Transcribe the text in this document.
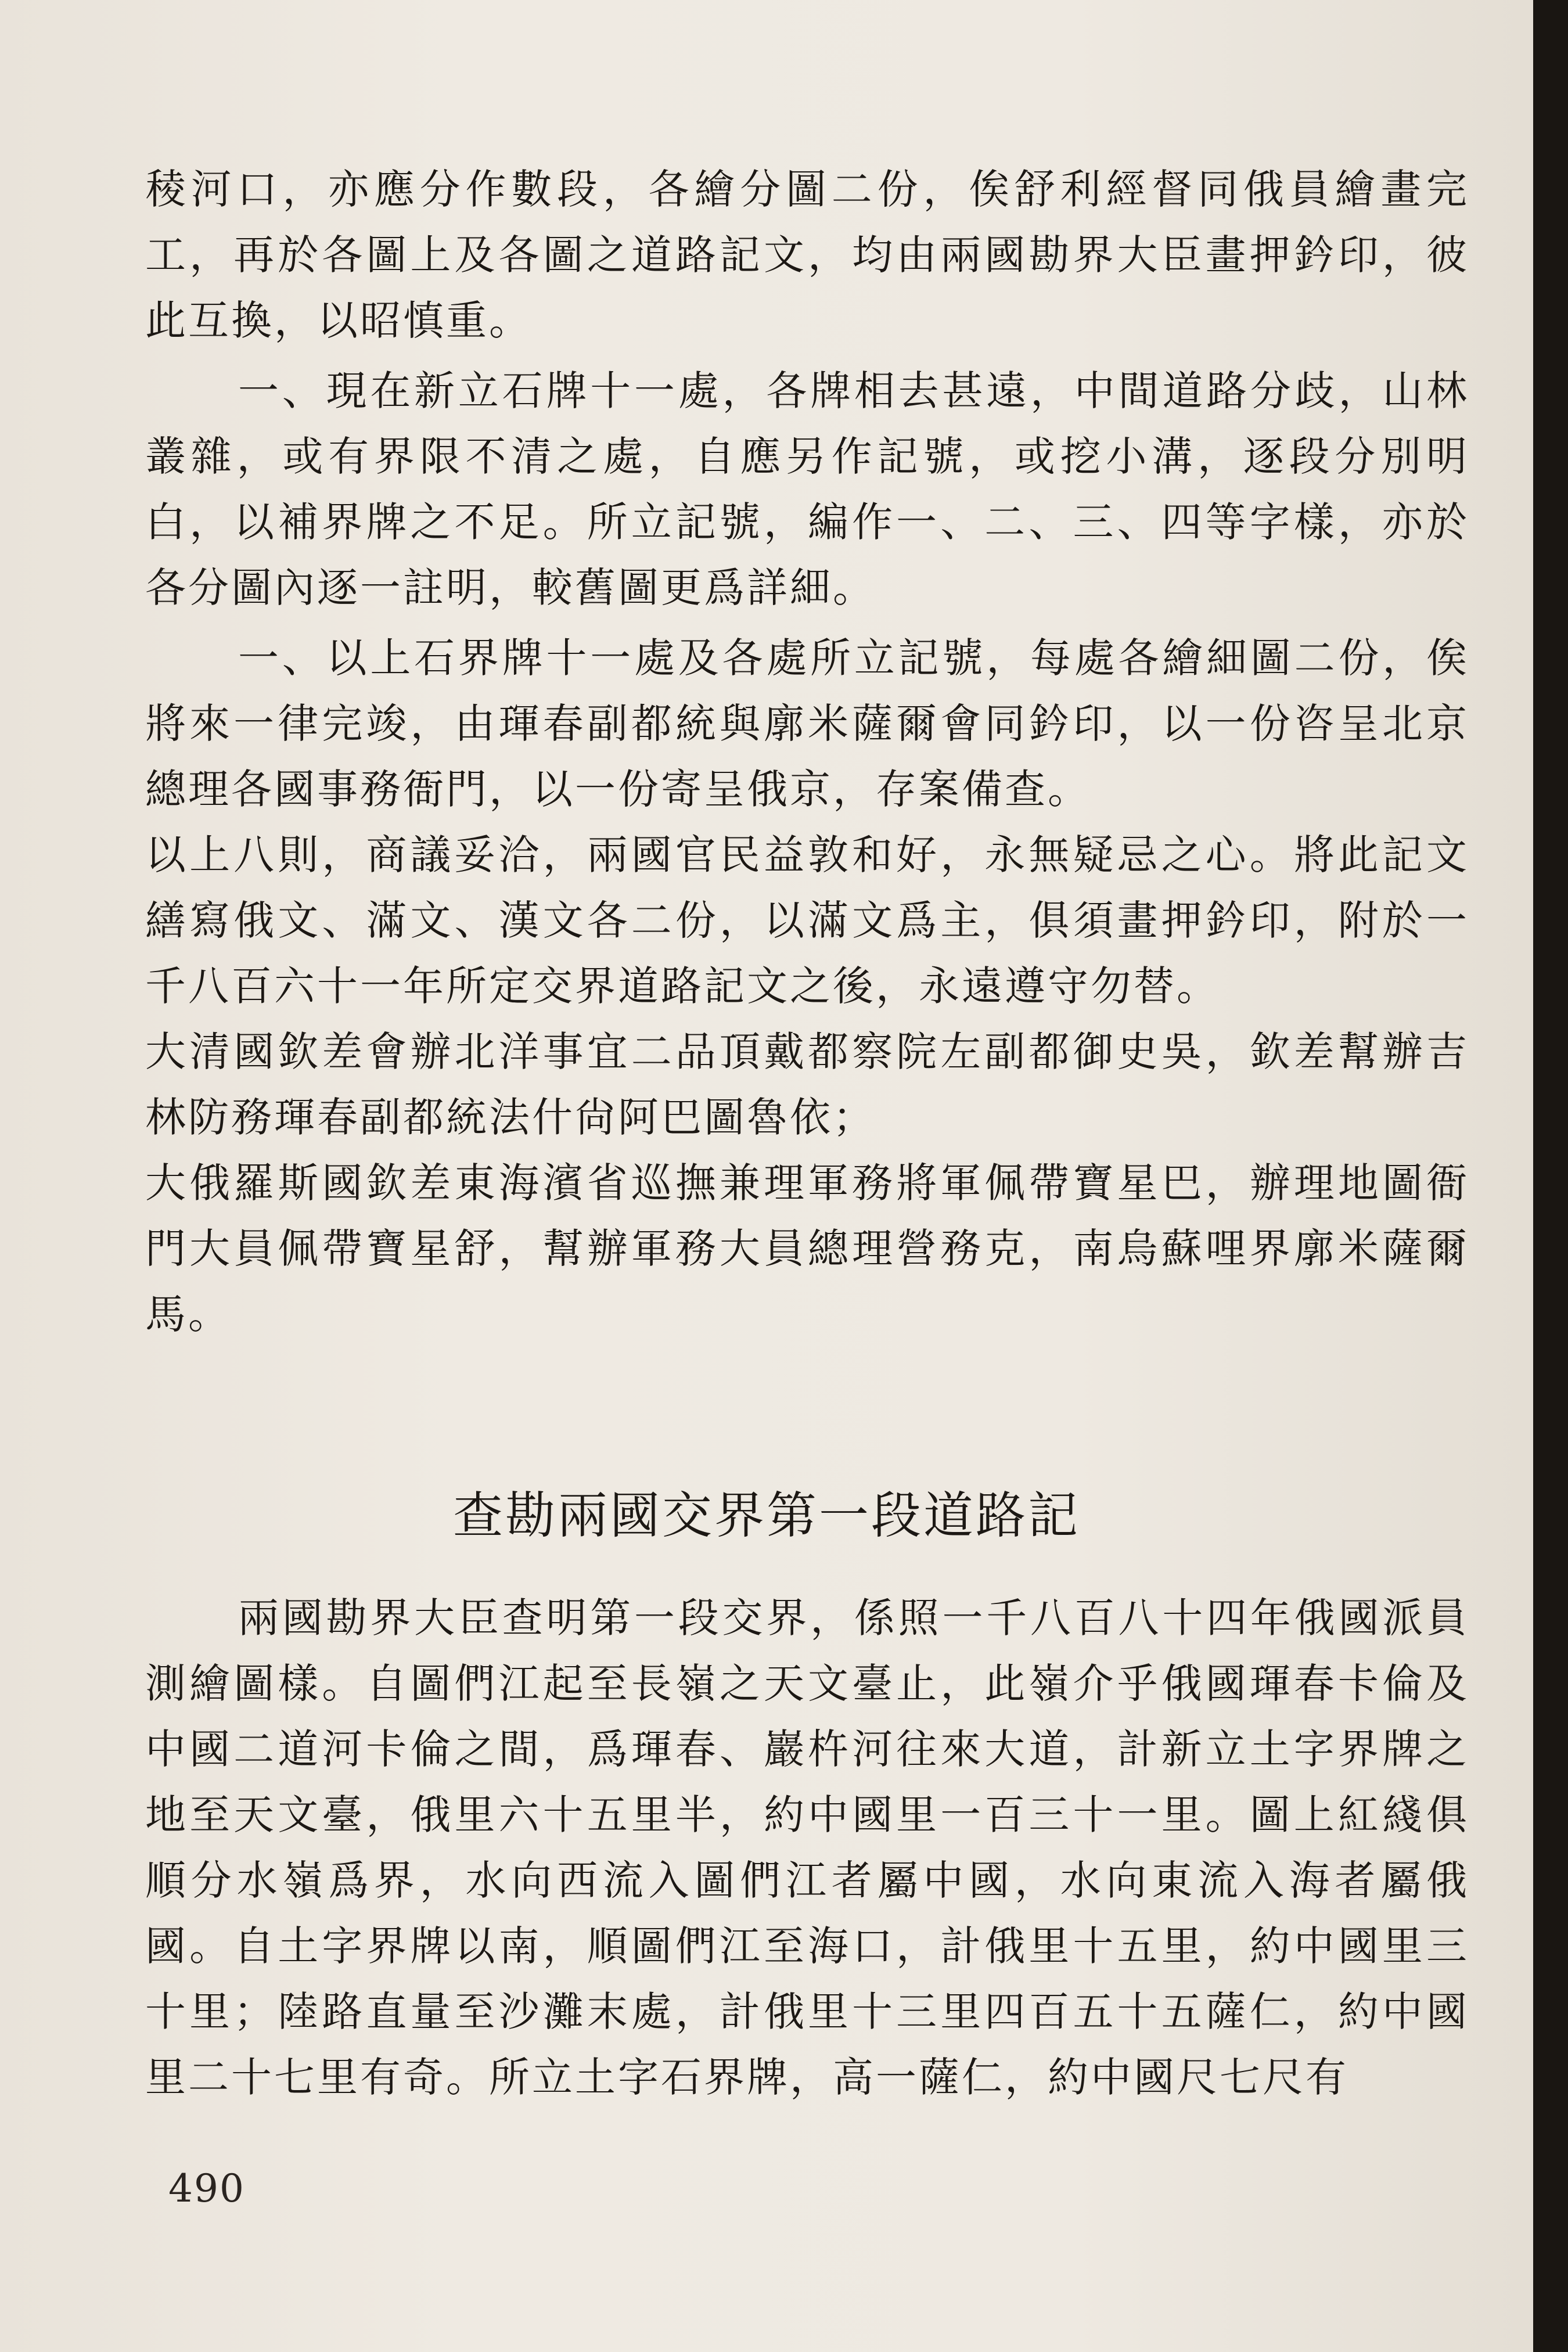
稜河口，亦應分作數段，各繪分圖二份，俟舒利經督同俄員繪畫完工，再於各圖上及各圖之道路記文，均由兩國勘界大臣畫押鈐印，彼此互換，以昭慎重。

一、現在新立石牌十一處，各牌相去甚遠，中間道路分歧，山林叢雜，或有界限不清之處，自應另作記號，或挖小溝，逐段分別明白，以補界牌之不足。所立記號，編作一、二、三、四等字樣，亦於各分圖內逐一註明，較舊圖更爲詳細。

一、以上石界牌十一處及各處所立記號，每處各繪細圖二份，俟將來一律完竣，由琿春副都統與廓米薩爾會同鈐印，以一份咨呈北京總理各國事務衙門，以一份寄呈俄京，存案備查。

以上八則，商議妥洽，兩國官民益敦和好，永無疑忌之心。將此記文繕寫俄文、滿文、漢文各二份，以滿文爲主，俱須畫押鈐印，附於一千八百六十一年所定交界道路記文之後，永遠遵守勿替。

大清國欽差會辦北洋事宜二品頂戴都察院左副都御史吳，欽差幫辦吉林防務琿春副都統法什尙阿巴圖魯依；

大俄羅斯國欽差東海濱省巡撫兼理軍務將軍佩帶寶星巴，辦理地圖衙門大員佩帶寶星舒，幫辦軍務大員總理營務克，南烏蘇哩界廓米薩爾馬。

查勘兩國交界第一段道路記

兩國勘界大臣查明第一段交界，係照一千八百八十四年俄國派員測繪圖樣。自圖們江起至長嶺之天文臺止，此嶺介乎俄國琿春卡倫及中國二道河卡倫之間，爲琿春、巖杵河往來大道，計新立土字界牌之地至天文臺，俄里六十五里半，約中國里一百三十一里。圖上紅綫俱順分水嶺爲界，水向西流入圖們江者屬中國，水向東流入海者屬俄國。自土字界牌以南，順圖們江至海口，計俄里十五里，約中國里三十里；陸路直量至沙灘末處，計俄里十三里四百五十五薩仁，約中國里二十七里有奇。所立土字石界牌，高一薩仁，約中國尺七尺有

490
